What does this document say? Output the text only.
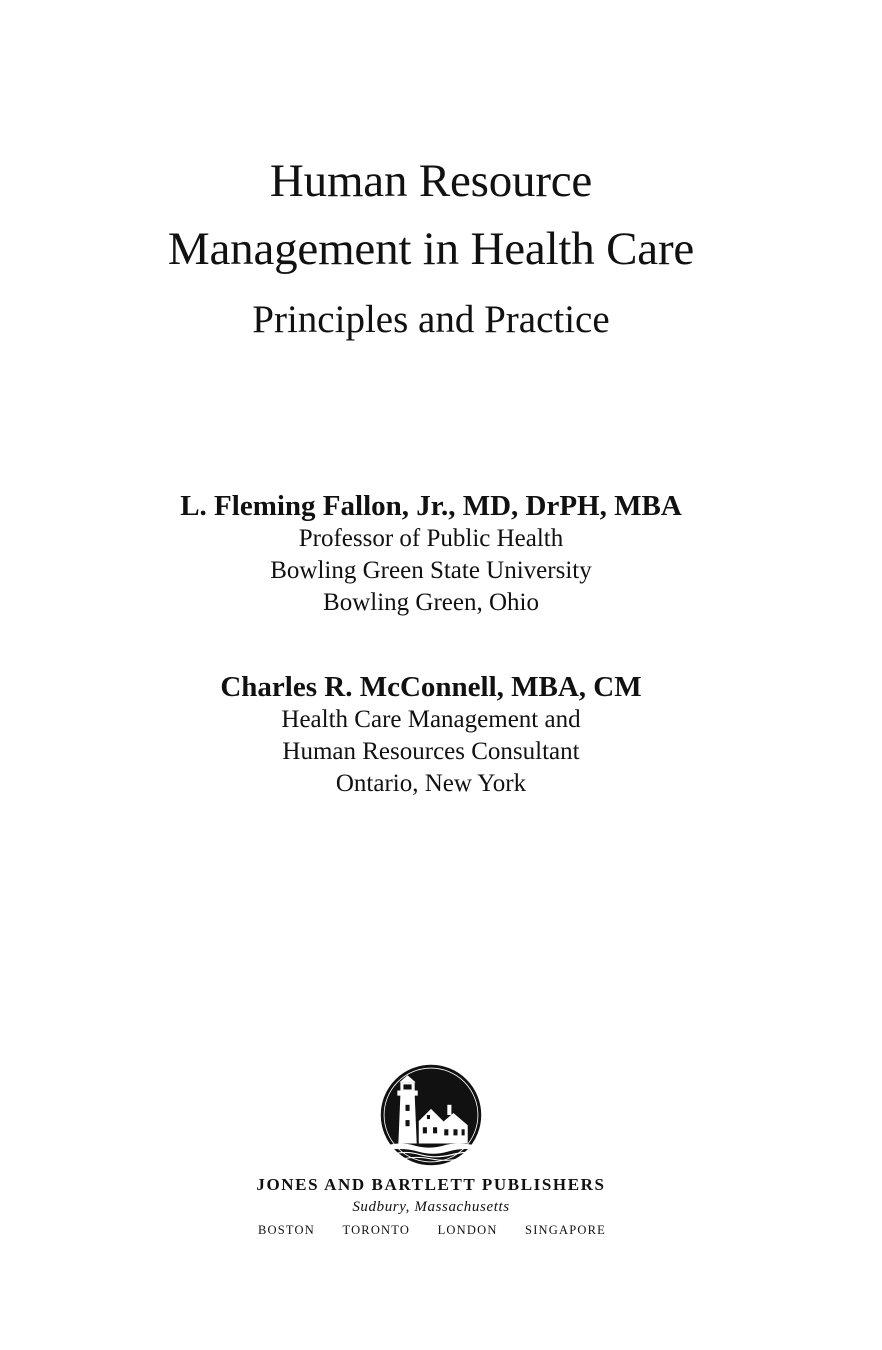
Human Resource
Management in Health Care
Principles and Practice
L. Fleming Fallon, Jr., MD, DrPH, MBA
Professor of Public Health
Bowling Green State University
Bowling Green, Ohio
Charles R. McConnell, MBA, CM
Health Care Management and
Human Resources Consultant
Ontario, New York
JONES AND BARTLETT PUBLISHERS
Sudbury, Massachusetts
BOSTON TORONTO LONDON SINGAPORE
